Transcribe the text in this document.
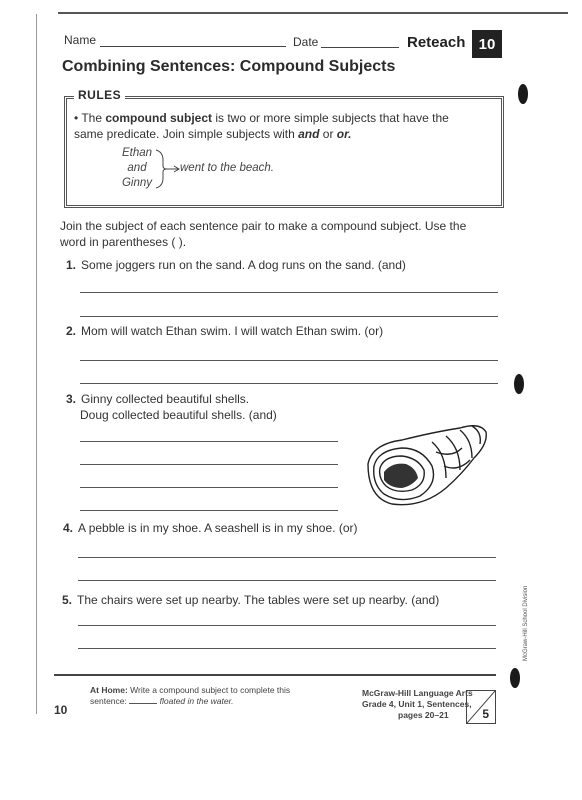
Name	Date	Reteach 10
Combining Sentences: Compound Subjects
RULES
• The compound subject is two or more simple subjects that have the same predicate. Join simple subjects with and or or.
Ethan
and
Ginny
went to the beach.
Join the subject of each sentence pair to make a compound subject. Use the word in parentheses ( ).
1. Some joggers run on the sand. A dog runs on the sand. (and)
2. Mom will watch Ethan swim. I will watch Ethan swim. (or)
3. Ginny collected beautiful shells.
Doug collected beautiful shells. (and)
4. A pebble is in my shoe. A seashell is in my shoe. (or)
5. The chairs were set up nearby. The tables were set up nearby. (and)	McGraw-Hill School Division
At Home: Write a compound subject to complete this
sentence:	floated in the water.
10
McGraw-Hill Language Arts
Grade 4, Unit 1, Sentences,
pages 20–21	5
